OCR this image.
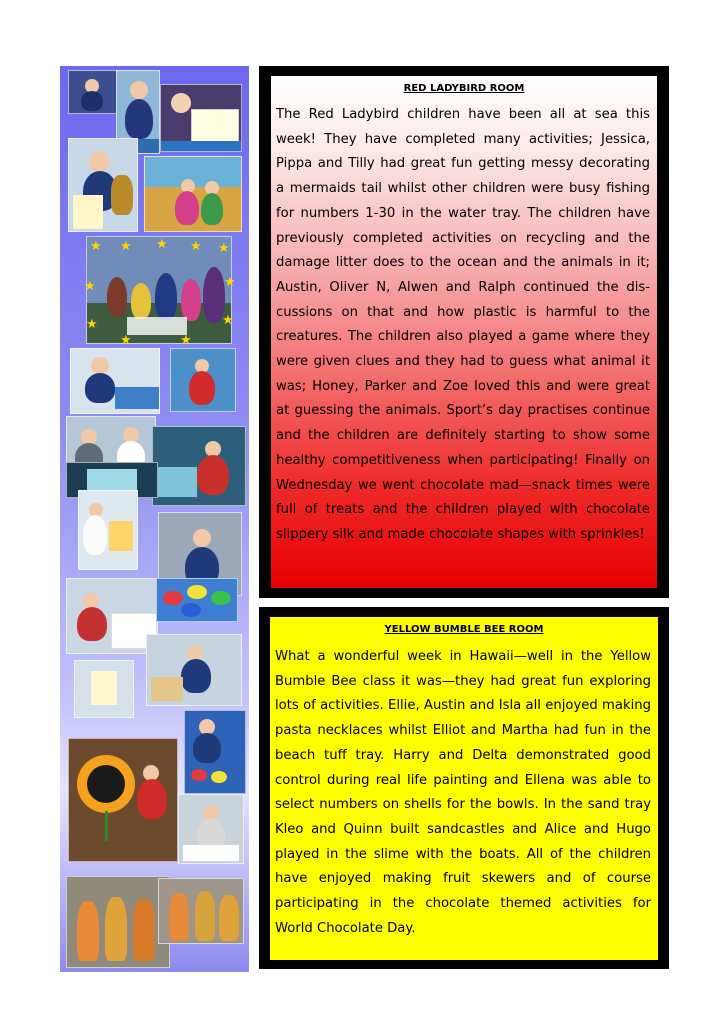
★ ★ ★ ★ ★
★	★
★	★
★	★
RED LADYBIRD ROOM
The Red Ladybird children have been all at sea this week! They have completed many activities; Jessica, Pippa and Tilly had great fun getting messy decorating a mermaids tail whilst other children were busy fishing for numbers 1-30 in the water tray. The children have previously completed activities on recycling and the damage litter does to the ocean and the animals in it; Austin, Oliver N, Alwen and Ralph continued the discussions on that and how plastic is harmful to the creatures. The children also played a game where they were given clues and they had to guess what animal it was; Honey, Parker and Zoe loved this and were great at guessing the animals. Sport’s day practises continue and the children are definitely starting to show some healthy competitiveness when participating! Finally on Wednesday we went chocolate mad—snack times were full of treats and the children played with chocolate slippery silk and made chocolate shapes with sprinkles!
YELLOW BUMBLE BEE ROOM
What a wonderful week in Hawaii—well in the Yellow Bumble Bee class it was—they had great fun exploring lots of activities. Ellie, Austin and Isla all enjoyed making pasta necklaces whilst Elliot and Martha had fun in the beach tuff tray. Harry and Delta demonstrated good control during real life painting and Ellena was able to select numbers on shells for the bowls. In the sand tray Kleo and Quinn built sandcastles and Alice and Hugo played in the slime with the boats. All of the children have enjoyed making fruit skewers and of course participating in the chocolate themed activities for World Chocolate Day.
